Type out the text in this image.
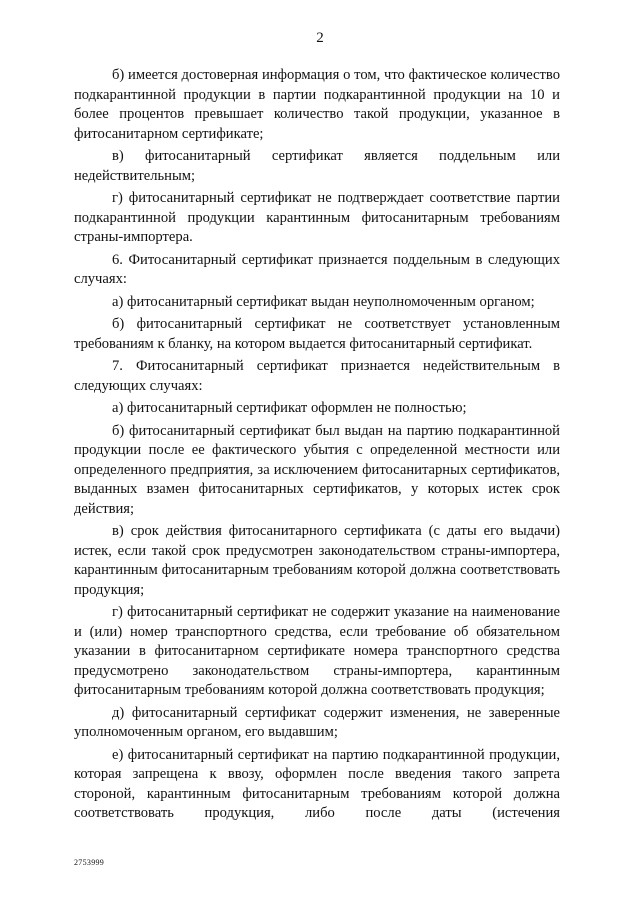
2

б) имеется достоверная информация о том, что фактическое количество подкарантинной продукции в партии подкарантинной продукции на 10 и более процентов превышает количество такой продукции, указанное в фитосанитарном сертификате;

в) фитосанитарный сертификат является поддельным или недействительным;

г) фитосанитарный сертификат не подтверждает соответствие партии подкарантинной продукции карантинным фитосанитарным требованиям страны-импортера.

6. Фитосанитарный сертификат признается поддельным в следующих случаях:

а) фитосанитарный сертификат выдан неуполномоченным органом;

б) фитосанитарный сертификат не соответствует установленным требованиям к бланку, на котором выдается фитосанитарный сертификат.

7. Фитосанитарный сертификат признается недействительным в следующих случаях:

а) фитосанитарный сертификат оформлен не полностью;

б) фитосанитарный сертификат был выдан на партию подкарантинной продукции после ее фактического убытия с определенной местности или определенного предприятия, за исключением фитосанитарных сертификатов, выданных взамен фитосанитарных сертификатов, у которых истек срок действия;

в) срок действия фитосанитарного сертификата (с даты его выдачи) истек, если такой срок предусмотрен законодательством страны-импортера, карантинным фитосанитарным требованиям которой должна соответствовать продукция;

г) фитосанитарный сертификат не содержит указание на наименование и (или) номер транспортного средства, если требование об обязательном указании в фитосанитарном сертификате номера транспортного средства предусмотрено законодательством страны-импортера, карантинным фитосанитарным требованиям которой должна соответствовать продукция;

д) фитосанитарный сертификат содержит изменения, не заверенные уполномоченным органом, его выдавшим;

е) фитосанитарный сертификат на партию подкарантинной продукции, которая запрещена к ввозу, оформлен после введения такого запрета стороной, карантинным фитосанитарным требованиям которой должна соответствовать продукция, либо после даты (истечения

2753999
